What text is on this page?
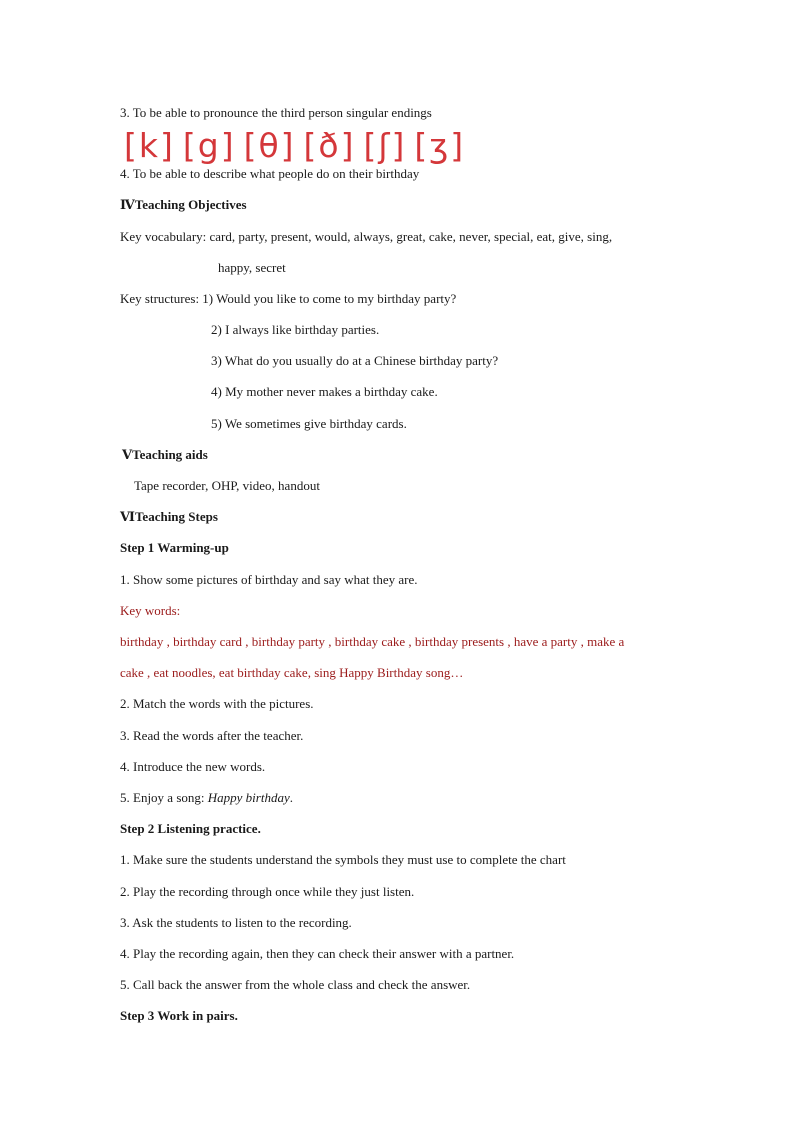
3. To be able to pronounce the third person singular endings
[k] [g] [θ] [ð] [ʃ] [ʒ]
4. To be able to describe what people do on their birthday
ⅣTeaching Objectives
Key vocabulary: card, party, present, would, always, great, cake, never, special, eat, give, sing,
happy, secret
Key structures: 1) Would you like to come to my birthday party?
2) I always like birthday parties.
3) What do you usually do at a Chinese birthday party?
4) My mother never makes a birthday cake.
5) We sometimes give birthday cards.
ⅤTeaching aids
Tape recorder, OHP, video, handout
ⅥTeaching Steps
Step 1 Warming-up
1. Show some pictures of birthday and say what they are.
Key words:
birthday , birthday card , birthday party , birthday cake , birthday presents , have a party , make a
cake , eat noodles, eat birthday cake, sing Happy Birthday song…
2. Match the words with the pictures.
3. Read the words after the teacher.
4. Introduce the new words.
5. Enjoy a song: Happy birthday.
Step 2 Listening practice.
1. Make sure the students understand the symbols they must use to complete the chart
2. Play the recording through once while they just listen.
3. Ask the students to listen to the recording.
4. Play the recording again, then they can check their answer with a partner.
5. Call back the answer from the whole class and check the answer.
Step 3 Work in pairs.
